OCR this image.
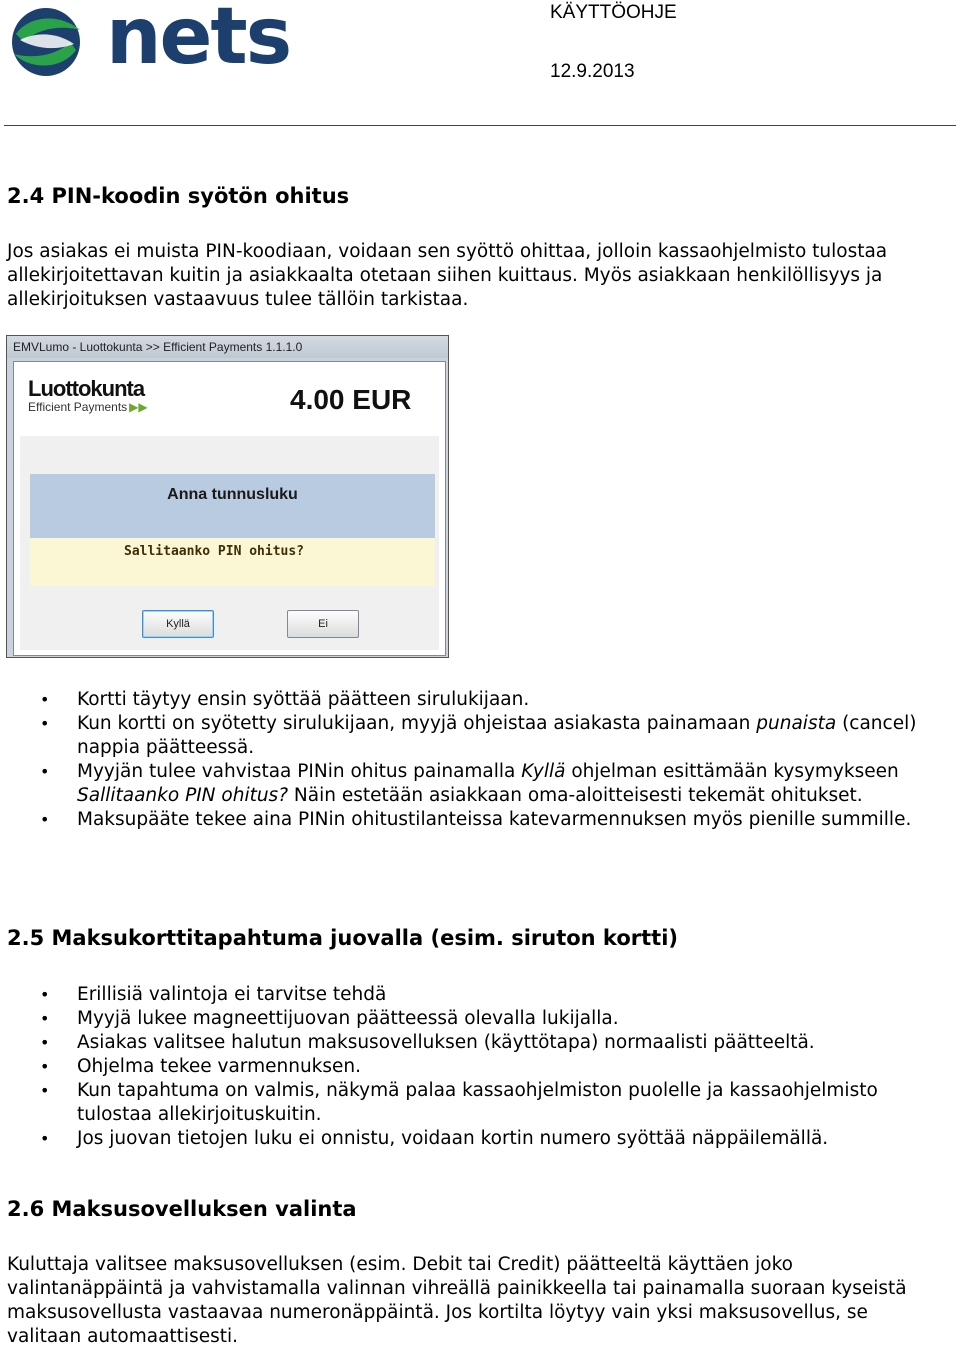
nets	KÄYTTÖOHJE
12.9.2013
2.4 PIN-koodin syötön ohitus

Jos asiakas ei muista PIN-koodiaan, voidaan sen syöttö ohittaa, jolloin kassaohjelmisto tulostaa allekirjoitettavan kuitin ja asiakkaalta otetaan siihen kuittaus. Myös asiakkaan henkilöllisyys ja allekirjoituksen vastaavuus tulee tällöin tarkistaa.

EMVLumo - Luottokunta >> Efficient Payments 1.1.1.0
Luottokunta
Efficient Payments ▶▶	4.00 EUR
Anna tunnusluku
Sallitaanko PIN ohitus?
Kyllä	Ei
• Kortti täytyy ensin syöttää päätteen sirulukijaan.
• Kun kortti on syötetty sirulukijaan, myyjä ohjeistaa asiakasta painamaan punaista (cancel) nappia päätteessä.
• Myyjän tulee vahvistaa PINin ohitus painamalla Kyllä ohjelman esittämään kysymykseen Sallitaanko PIN ohitus? Näin estetään asiakkaan oma-aloitteisesti tekemät ohitukset.
• Maksupääte tekee aina PINin ohitustilanteissa katevarmennuksen myös pienille summille.
2.5 Maksukorttitapahtuma juovalla (esim. siruton kortti)
• Erillisiä valintoja ei tarvitse tehdä
• Myyjä lukee magneettijuovan päätteessä olevalla lukijalla.
• Asiakas valitsee halutun maksusovelluksen (käyttötapa) normaalisti päätteeltä.
• Ohjelma tekee varmennuksen.
• Kun tapahtuma on valmis, näkymä palaa kassaohjelmiston puolelle ja kassaohjelmisto tulostaa allekirjoituskuitin.
• Jos juovan tietojen luku ei onnistu, voidaan kortin numero syöttää näppäilemällä.
2.6 Maksusovelluksen valinta

Kuluttaja valitsee maksusovelluksen (esim. Debit tai Credit) päätteeltä käyttäen joko valintanäppäintä ja vahvistamalla valinnan vihreällä painikkeella tai painamalla suoraan kyseistä maksusovellusta vastaavaa numeronäppäintä. Jos kortilta löytyy vain yksi maksusovellus, se valitaan automaattisesti.
